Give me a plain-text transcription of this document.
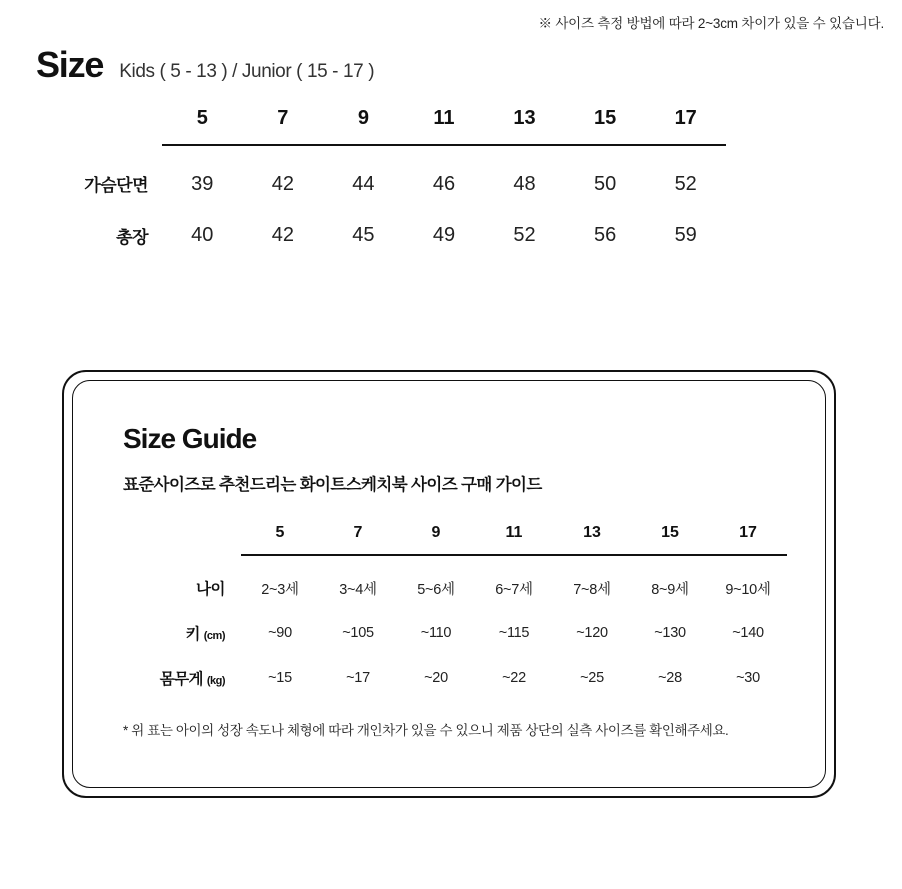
※ 사이즈 측정 방법에 따라 2~3cm 차이가 있을 수 있습니다.
Size Kids ( 5 - 13 ) / Junior ( 15 - 17 )
	5	7	9	11	13	15	17
가슴단면	39	42	44	46	48	50	52
총장	40	42	45	49	52	56	59
Size Guide
표준사이즈로 추천드리는 화이트스케치북 사이즈 구매 가이드
	5	7	9	11	13	15	17
나이	2~3세	3~4세	5~6세	6~7세	7~8세	8~9세	9~10세
키 (cm)	~90	~105	~110	~115	~120	~130	~140
몸무게 (kg)	~15	~17	~20	~22	~25	~28	~30
* 위 표는 아이의 성장 속도나 체형에 따라 개인차가 있을 수 있으니 제품 상단의 실측 사이즈를 확인해주세요.
